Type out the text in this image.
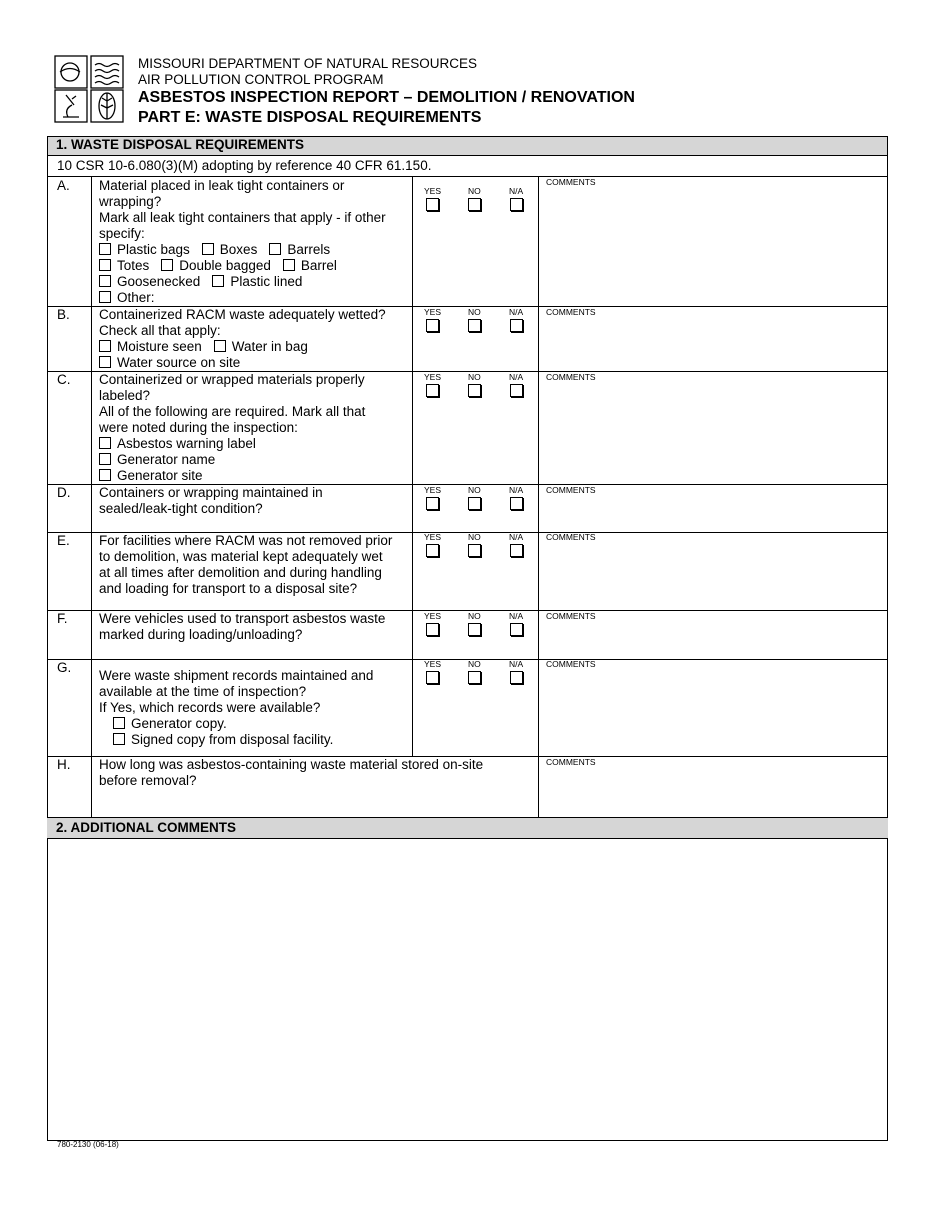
MISSOURI DEPARTMENT OF NATURAL RESOURCES
AIR POLLUTION CONTROL PROGRAM
ASBESTOS INSPECTION REPORT – DEMOLITION / RENOVATION
PART E: WASTE DISPOSAL REQUIREMENTS
1. WASTE DISPOSAL REQUIREMENTS
10 CSR 10-6.080(3)(M) adopting by reference 40 CFR 61.150.
A. Material placed in leak tight containers or
wrapping?
Mark all leak tight containers that apply - if other
specify:
Plastic bags Boxes Barrels
Totes Double bagged Barrel
Goosenecked Plastic lined
Other:
YES	NO	N/A
COMMENTS
B. Containerized RACM waste adequately wetted?
Check all that apply:
Moisture seen Water in bag
Water source on site
YES	NO	N/A	COMMENTS
C. Containerized or wrapped materials properly
labeled?
All of the following are required. Mark all that
were noted during the inspection:
Asbestos warning label
Generator name
Generator site
YES	NO	N/A	COMMENTS
D. Containers or wrapping maintained in
sealed/leak-tight condition?
YES	NO	N/A	COMMENTS
E. For facilities where RACM was not removed prior
to demolition, was material kept adequately wet
at all times after demolition and during handling
and loading for transport to a disposal site?
YES	NO	N/A	COMMENTS
F. Were vehicles used to transport asbestos waste
marked during loading/unloading?
YES	NO	N/A	COMMENTS
G.
Were waste shipment records maintained and
available at the time of inspection?
If Yes, which records were available?
Generator copy.
Signed copy from disposal facility.
YES	NO	N/A	COMMENTS
H. How long was asbestos-containing waste material stored on-site
before removal?
COMMENTS
2. ADDITIONAL COMMENTS
780-2130 (06-18)
